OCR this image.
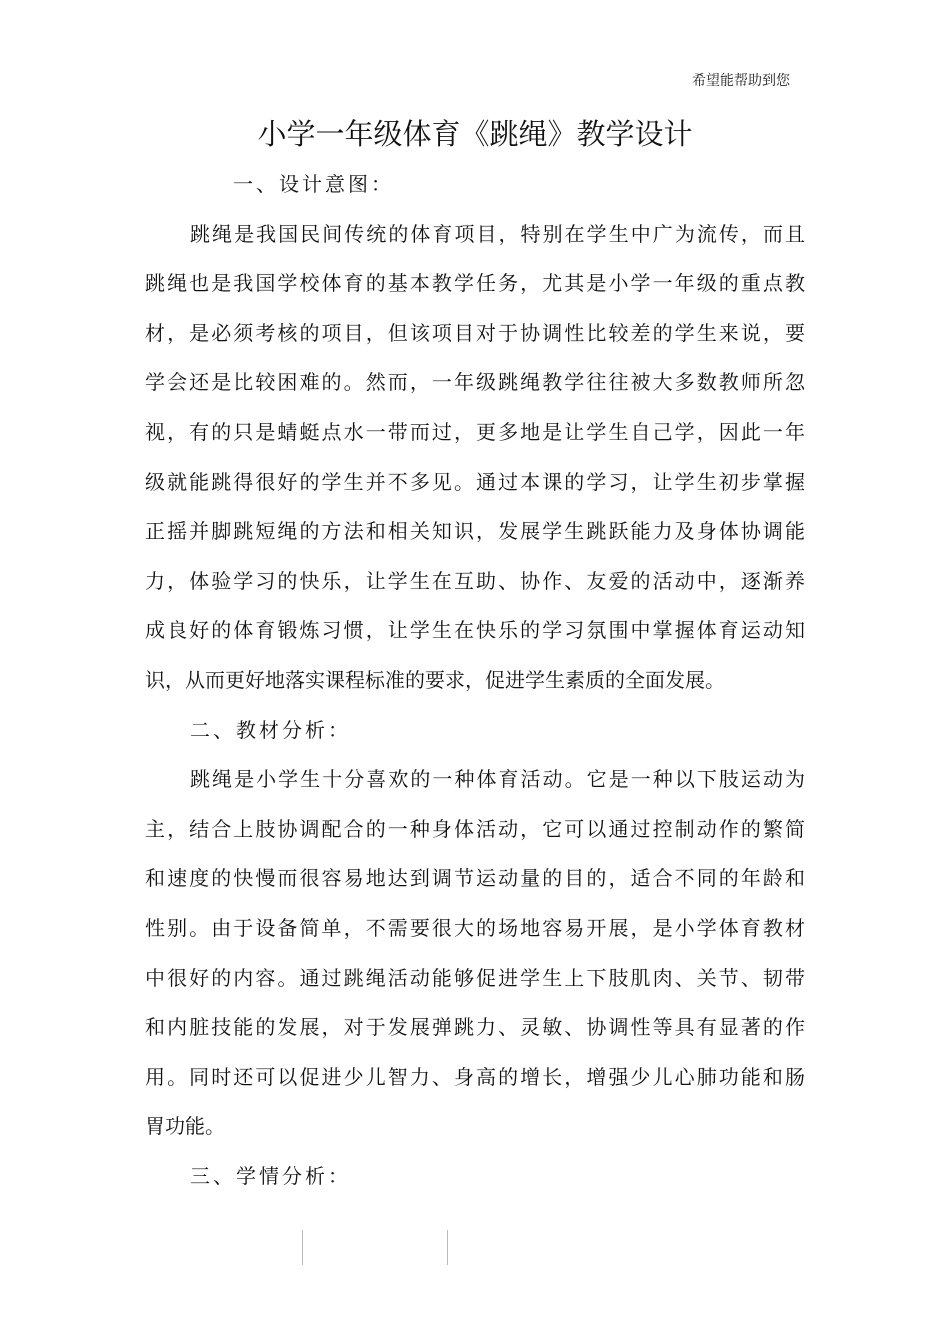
希望能帮助到您
小学一年级体育《跳绳》教学设计
一、设计意图：
跳绳是我国民间传统的体育项目，特别在学生中广为流传，而且
跳绳也是我国学校体育的基本教学任务，尤其是小学一年级的重点教
材，是必须考核的项目，但该项目对于协调性比较差的学生来说，要
学会还是比较困难的。然而，一年级跳绳教学往往被大多数教师所忽
视，有的只是蜻蜓点水一带而过，更多地是让学生自己学，因此一年
级就能跳得很好的学生并不多见。通过本课的学习，让学生初步掌握
正摇并脚跳短绳的方法和相关知识，发展学生跳跃能力及身体协调能
力，体验学习的快乐，让学生在互助、协作、友爱的活动中，逐渐养
成良好的体育锻炼习惯，让学生在快乐的学习氛围中掌握体育运动知
识，从而更好地落实课程标准的要求，促进学生素质的全面发展。
二、教材分析：
跳绳是小学生十分喜欢的一种体育活动。它是一种以下肢运动为
主，结合上肢协调配合的一种身体活动，它可以通过控制动作的繁简
和速度的快慢而很容易地达到调节运动量的目的，适合不同的年龄和
性别。由于设备简单，不需要很大的场地容易开展，是小学体育教材
中很好的内容。通过跳绳活动能够促进学生上下肢肌肉、关节、韧带
和内脏技能的发展，对于发展弹跳力、灵敏、协调性等具有显著的作
用。同时还可以促进少儿智力、身高的增长，增强少儿心肺功能和肠
胃功能。
三、学情分析：
